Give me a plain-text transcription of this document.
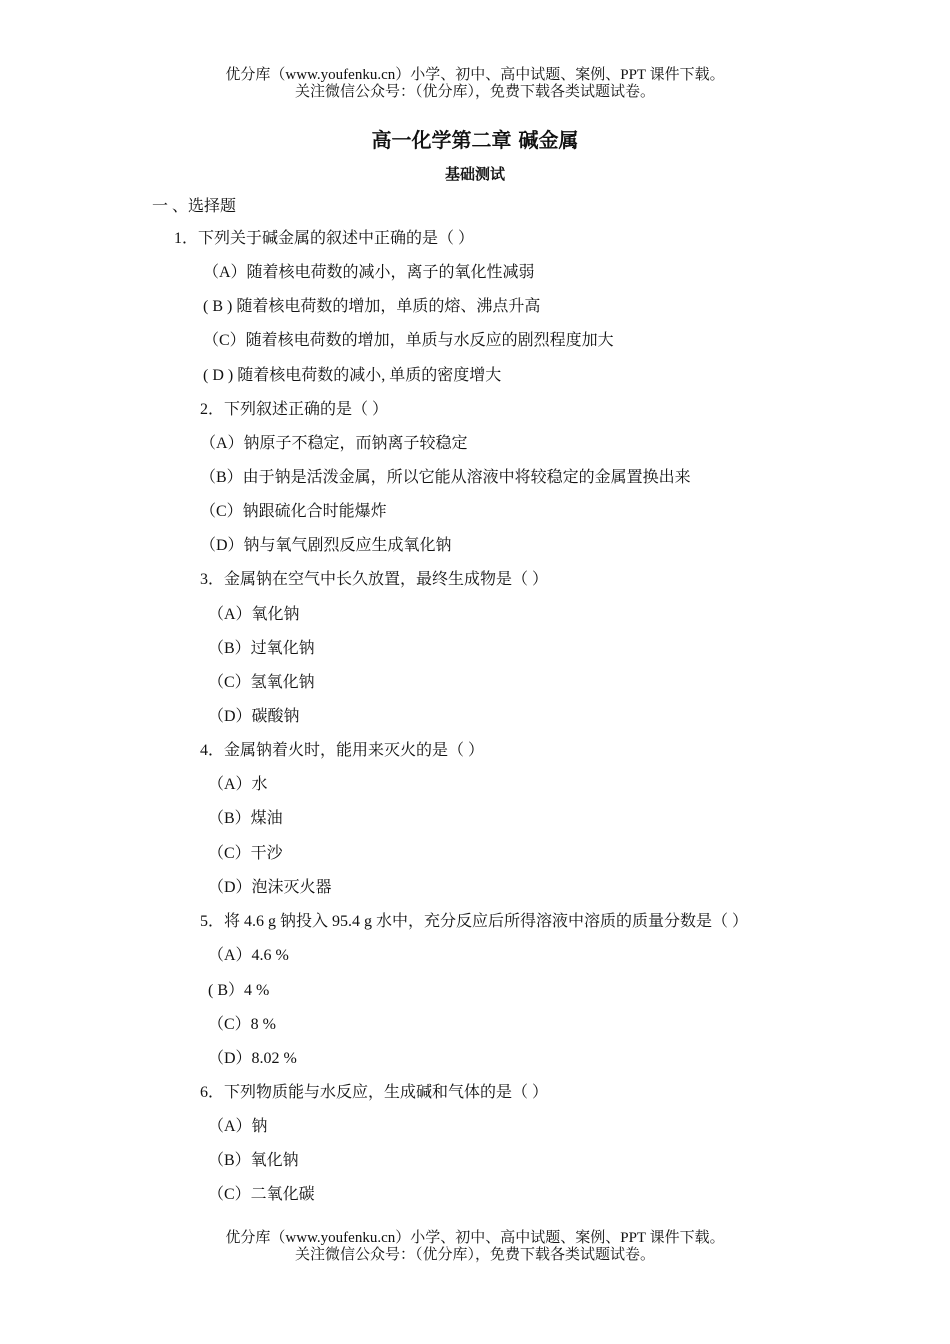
优分库（www.youfenku.cn）小学、初中、高中试题、案例、PPT 课件下载。
关注微信公众号：（优分库），免费下载各类试题试卷。
高一化学第二章 碱金属
基础测试
一 、选择题
1．下列关于碱金属的叙述中正确的是（ ）
（A）随着核电荷数的减小，离子的氧化性减弱
( B ) 随着核电荷数的增加，单质的熔、沸点升高
（C）随着核电荷数的增加，单质与水反应的剧烈程度加大
( D ) 随着核电荷数的减小, 单质的密度增大
2．下列叙述正确的是（ ）
（A）钠原子不稳定，而钠离子较稳定
（B）由于钠是活泼金属，所以它能从溶液中将较稳定的金属置换出来
（C）钠跟硫化合时能爆炸
（D）钠与氧气剧烈反应生成氧化钠
3．金属钠在空气中长久放置，最终生成物是（ ）
（A）氧化钠
（B）过氧化钠
（C）氢氧化钠
（D）碳酸钠
4．金属钠着火时，能用来灭火的是（ ）
（A）水
（B）煤油
（C）干沙
（D）泡沫灭火器
5．将 4.6 g 钠投入 95.4 g 水中，充分反应后所得溶液中溶质的质量分数是（ ）
（A）4.6 %
( B）4 %
（C）8 %
（D）8.02 %
6．下列物质能与水反应，生成碱和气体的是（ ）
（A）钠
（B）氧化钠
（C）二氧化碳
优分库（www.youfenku.cn）小学、初中、高中试题、案例、PPT 课件下载。
关注微信公众号：（优分库），免费下载各类试题试卷。
